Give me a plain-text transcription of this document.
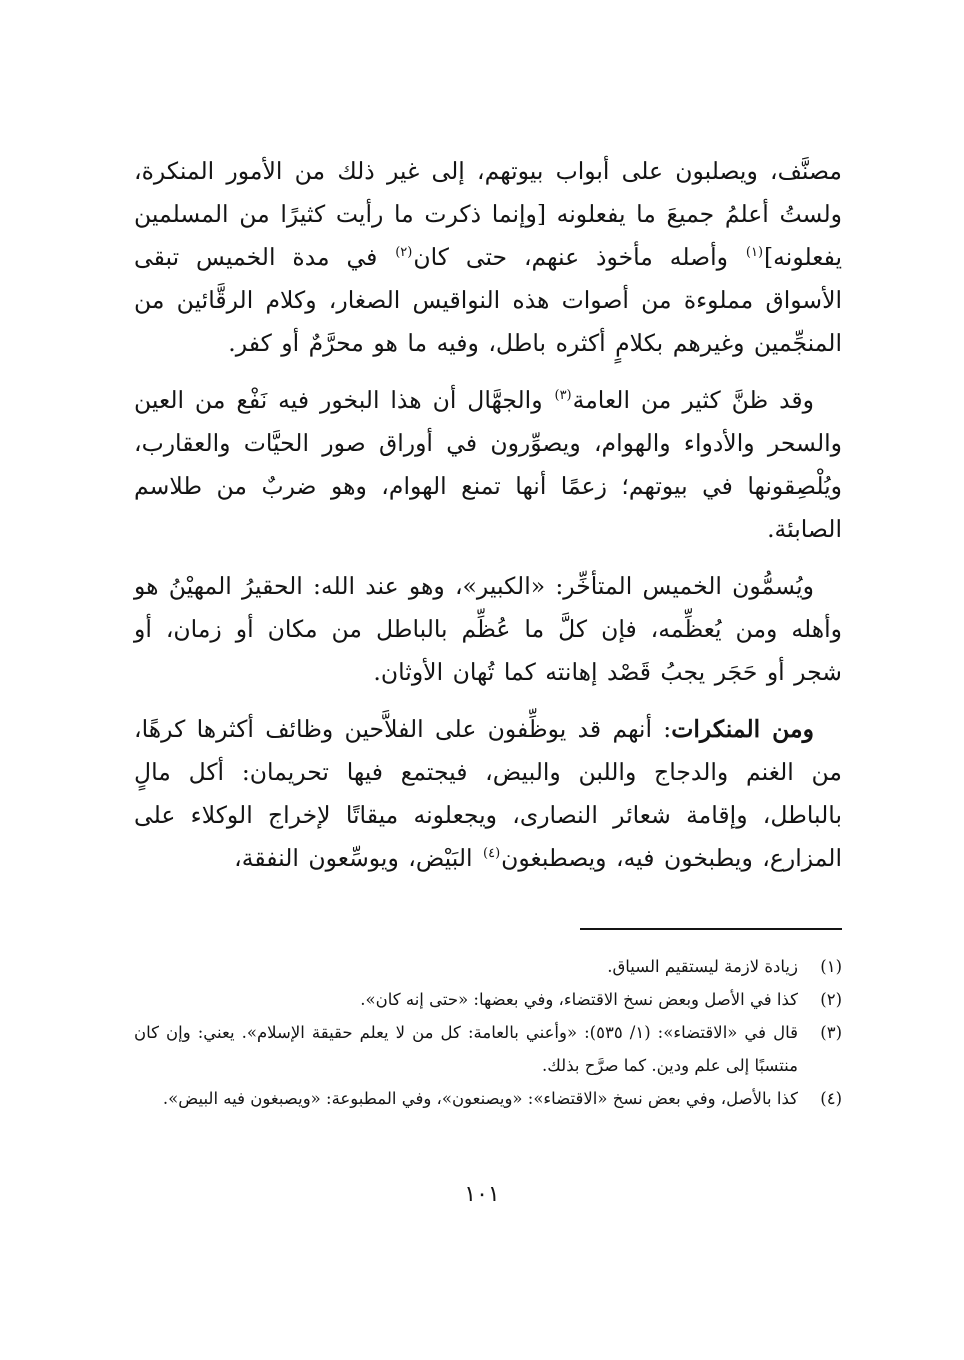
مصنَّف، ويصلبون على أبواب بيوتهم، إلى غير ذلك من الأمور المنكرة، ولستُ أعلمُ جميعَ ما يفعلونه [وإنما ذكرت ما رأيت كثيرًا من المسلمين يفعلونه]$^{(١)}$ وأصله مأخوذ عنهم، حتى كان$^{(٢)}$ في مدة الخميس تبقى الأسواق مملوءة من أصوات هذه النواقيس الصغار، وكلام الرقَّائين من المنجِّمين وغيرهم بكلامٍ أكثره باطل، وفيه ما هو محرَّمٌ أو كفر.

وقد ظنَّ كثير من العامة$^{(٣)}$ والجهَّال أن هذا البخور فيه نَفْع من العين والسحر والأدواء والهوام، ويصوِّرون في أوراق صور الحيَّات والعقارب، ويُلْصِقونها في بيوتهم؛ زعمًا أنها تمنع الهوام، وهو ضربٌ من طلاسم الصابئة.

ويُسمُّون الخميس المتأخِّر: «الكبير»، وهو عند الله: الحقيرُ المهيْنُ هو وأهله ومن يُعظِّمه، فإن كلَّ ما عُظِّم بالباطل من مكان أو زمان، أو شجر أو حَجَر يجبُ قَصْد إهانته كما تُهان الأوثان.

ومن المنكرات: أنهم قد يوظِّفون على الفلاَّحين وظائف أكثرها كرهًا، من الغنم والدجاج واللبن والبيض، فيجتمع فيها تحريمان: أكل مالٍ بالباطل، وإقامة شعائر النصارى، ويجعلونه ميقاتًا لإخراج الوكلاء على المزارع، ويطبخون فيه، ويصطبغون$^{(٤)}$ البَيْض، ويوسِّعون النفقة،

(١)
زيادة لازمة ليستقيم السياق.
(٢)
كذا في الأصل وبعض نسخ الاقتضاء، وفي بعضها: «حتى إنه كان».
(٣)
قال في «الاقتضاء»: (١/ ٥٣٥): «وأعني بالعامة: كل من لا يعلم حقيقة الإسلام». يعني: وإن كان منتسبًا إلى علم ودين. كما صرَّح بذلك.
(٤)
كذا بالأصل، وفي بعض نسخ «الاقتضاء»: «ويصنعون»، وفي المطبوعة: «ويصبغون فيه البيض».
١٠١
